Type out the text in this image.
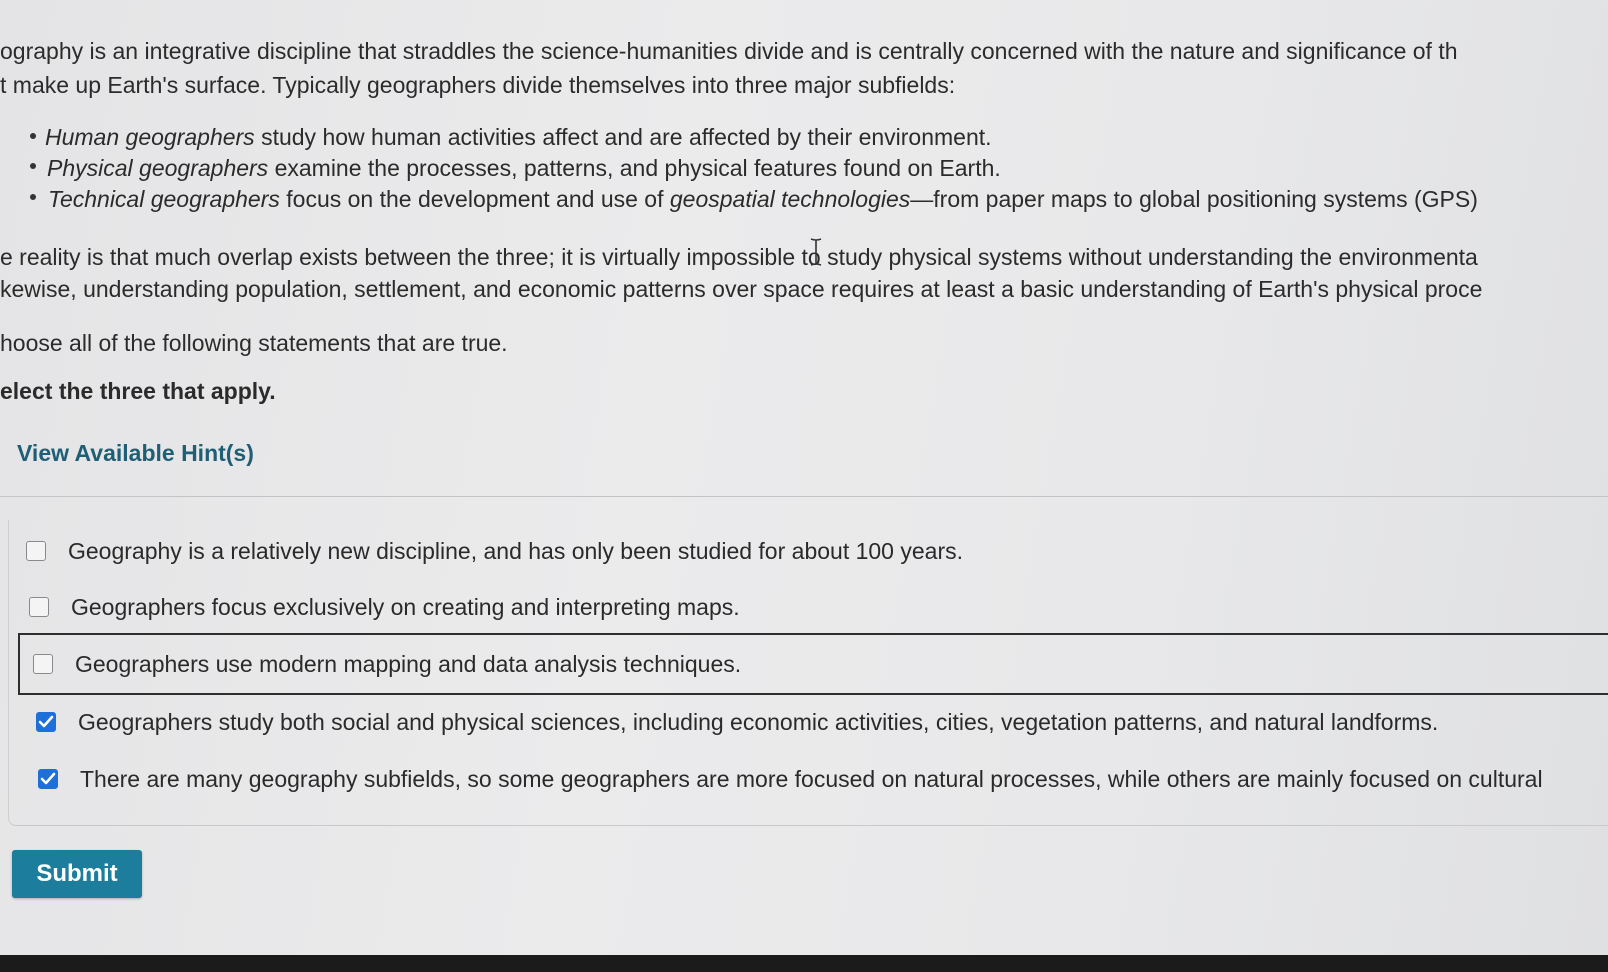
ography is an integrative discipline that straddles the science-humanities divide and is centrally concerned with the nature and significance of th
t make up Earth's surface. Typically geographers divide themselves into three major subfields:
Human geographers study how human activities affect and are affected by their environment.
Physical geographers examine the processes, patterns, and physical features found on Earth.
Technical geographers focus on the development and use of geospatial technologies—from paper maps to global positioning systems (GPS)
e reality is that much overlap exists between the three; it is virtually impossible to study physical systems without understanding the environmenta
kewise, understanding population, settlement, and economic patterns over space requires at least a basic understanding of Earth's physical proce
hoose all of the following statements that are true.
elect the three that apply.
View Available Hint(s)
Geography is a relatively new discipline, and has only been studied for about 100 years.
Geographers focus exclusively on creating and interpreting maps.
Geographers use modern mapping and data analysis techniques.
Geographers study both social and physical sciences, including economic activities, cities, vegetation patterns, and natural landforms.
There are many geography subfields, so some geographers are more focused on natural processes, while others are mainly focused on cultural
Submit
